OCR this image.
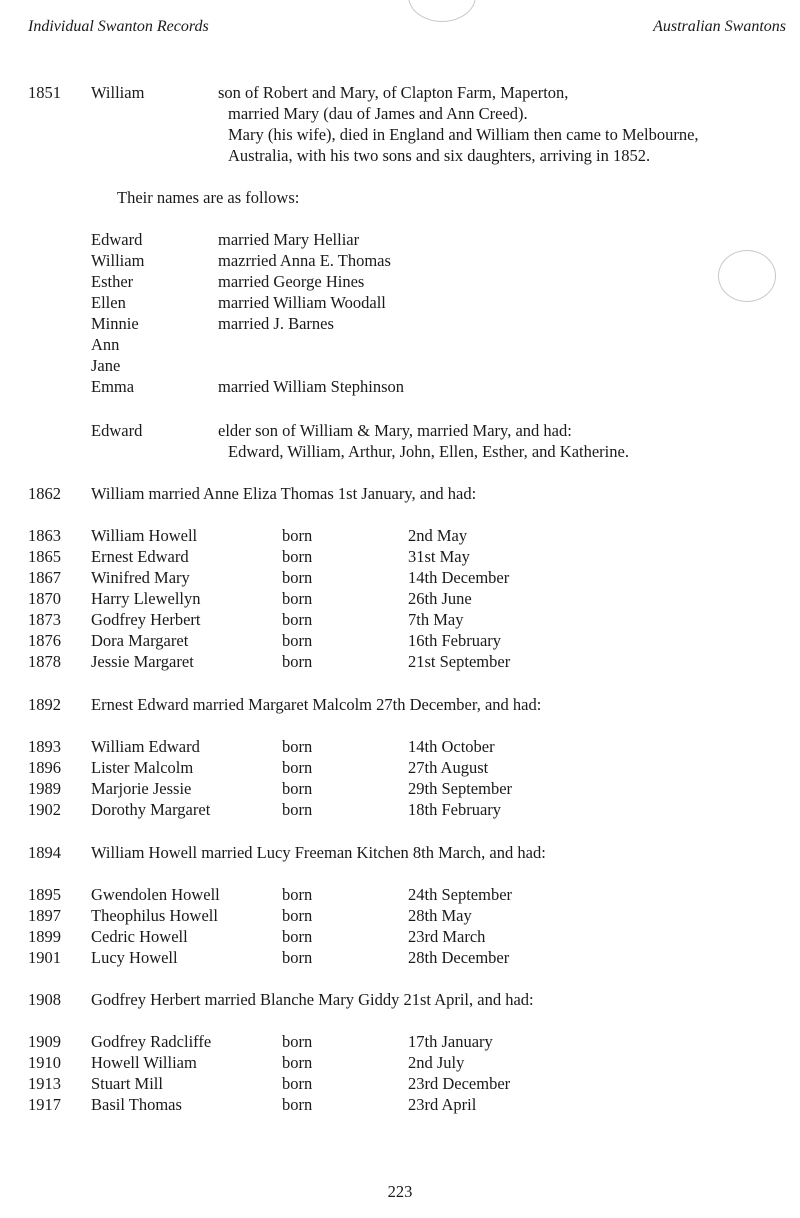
Individual Swanton Records	Australian Swantons
1851 William	son of Robert and Mary, of Clapton Farm, Maperton,
married Mary (dau of James and Ann Creed).
Mary (his wife), died in England and William then came to Melbourne,
Australia, with his two sons and six daughters, arriving in 1852.
Their names are as follows:
Edward	married Mary Helliar
William	mazrried Anna E. Thomas
Esther	married George Hines
Ellen	married William Woodall
Minnie	married J. Barnes
Ann
Jane
Emma	married William Stephinson
Edward	elder son of William & Mary, married Mary, and had:
Edward, William, Arthur, John, Ellen, Esther, and Katherine.
1862 William married Anne Eliza Thomas 1st January, and had:
1863 William Howell	born	2nd May
1865 Ernest Edward	born	31st May
1867 Winifred Mary	born	14th December
1870 Harry Llewellyn	born	26th June
1873 Godfrey Herbert	born	7th May
1876 Dora Margaret	born	16th February
1878 Jessie Margaret	born	21st September
1892 Ernest Edward married Margaret Malcolm 27th December, and had:
1893 William Edward	born	14th October
1896 Lister Malcolm	born	27th August
1989 Marjorie Jessie	born	29th September
1902 Dorothy Margaret	born	18th February
1894 William Howell married Lucy Freeman Kitchen 8th March, and had:
1895 Gwendolen Howell	born	24th September
1897 Theophilus Howell	born	28th May
1899 Cedric Howell	born	23rd March
1901 Lucy Howell	born	28th December
1908 Godfrey Herbert married Blanche Mary Giddy 21st April, and had:
1909 Godfrey Radcliffe	born	17th January
1910 Howell William	born	2nd July
1913 Stuart Mill	born	23rd December
1917 Basil Thomas	born	23rd April
223
